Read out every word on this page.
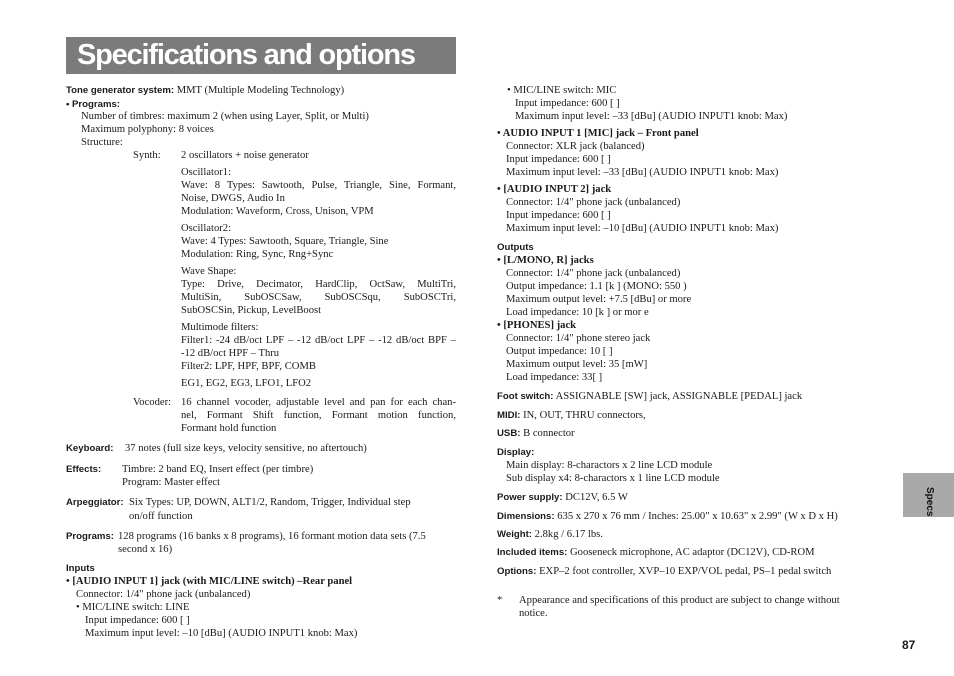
Specifications and options
Tone generator system: MMT (Multiple Modeling Technology)
• Programs:
Number of timbres: maximum 2 (when using Layer, Split, or Multi)
Maximum polyphony: 8 voices
Structure:
Synth: 2 oscillators + noise generator
Oscillator1:
Wave: 8 Types: Sawtooth, Pulse, Triangle, Sine, Formant,
Noise, DWGS, Audio In
Modulation: Waveform, Cross, Unison, VPM
Oscillator2:
Wave: 4 Types: Sawtooth, Square, Triangle, Sine
Modulation: Ring, Sync, Rng+Sync
Wave Shape:
Type: Drive, Decimator, HardClip, OctSaw, MultiTri,
MultiSin, SubOSCSaw, SubOSCSqu, SubOSCTri,
SubOSCSin, Pickup, LevelBoost
Multimode filters:
Filter1: -24 dB/oct LPF – -12 dB/oct LPF – -12 dB/oct BPF –
-12 dB/oct HPF – Thru
Filter2: LPF, HPF, BPF, COMB
EG1, EG2, EG3, LFO1, LFO2
Vocoder: 16 channel vocoder, adjustable level and pan for each chan-
nel, Formant Shift function, Formant motion function,
Formant hold function
Keyboard: 37 notes (full size keys, velocity sensitive, no aftertouch)
Effects: Timbre: 2 band EQ, Insert effect (per timbre)
Program: Master effect
Arpeggiator: Six Types: UP, DOWN, ALT1/2, Random, Trigger, Individual step
on/off function
Programs: 128 programs (16 banks x 8 programs), 16 formant motion data sets (7.5
second x 16)
Inputs
• [AUDIO INPUT 1] jack (with MIC/LINE switch) –Rear panel
Connector: 1/4" phone jack (unbalanced)
• MIC/LINE switch: LINE
Input impedance: 600 [ ]
Maximum input level: –10 [dBu] (AUDIO INPUT1 knob: Max)
• MIC/LINE switch: MIC
Input impedance: 600 [ ]
Maximum input level: –33 [dBu] (AUDIO INPUT1 knob: Max)
• AUDIO INPUT 1 [MIC] jack – Front panel
Connector: XLR jack (balanced)
Input impedance: 600 [ ]
Maximum input level: –33 [dBu] (AUDIO INPUT1 knob: Max)
• [AUDIO INPUT 2] jack
Connector: 1/4" phone jack (unbalanced)
Input impedance: 600 [ ]
Maximum input level: –10 [dBu] (AUDIO INPUT1 knob: Max)
Outputs
• [L/MONO, R] jacks
Connector: 1/4" phone jack (unbalanced)
Output impedance: 1.1 [k ] (MONO: 550 )
Maximum output level: +7.5 [dBu] or more
Load impedance: 10 [k ] or mor e
• [PHONES] jack
Connector: 1/4" phone stereo jack
Output impedance: 10 [ ]
Maximum output level: 35 [mW]
Load impedance: 33[ ]
Foot switch: ASSIGNABLE [SW] jack, ASSIGNABLE [PEDAL] jack
MIDI: IN, OUT, THRU connectors,
USB: B connector
Display:
Main display: 8-charactors x 2 line LCD module
Sub display x4: 8-charactors x 1 line LCD module
Power supply: DC12V, 6.5 W
Dimensions: 635 x 270 x 76 mm / Inches: 25.00" x 10.63" x 2.99" (W x D x H)
Weight: 2.8kg / 6.17 lbs.
Included items: Gooseneck microphone, AC adaptor (DC12V), CD-ROM
Options: EXP–2 foot controller, XVP–10 EXP/VOL pedal, PS–1 pedal switch
* Appearance and specifications of this product are subject to change without
notice.
Specs
87
